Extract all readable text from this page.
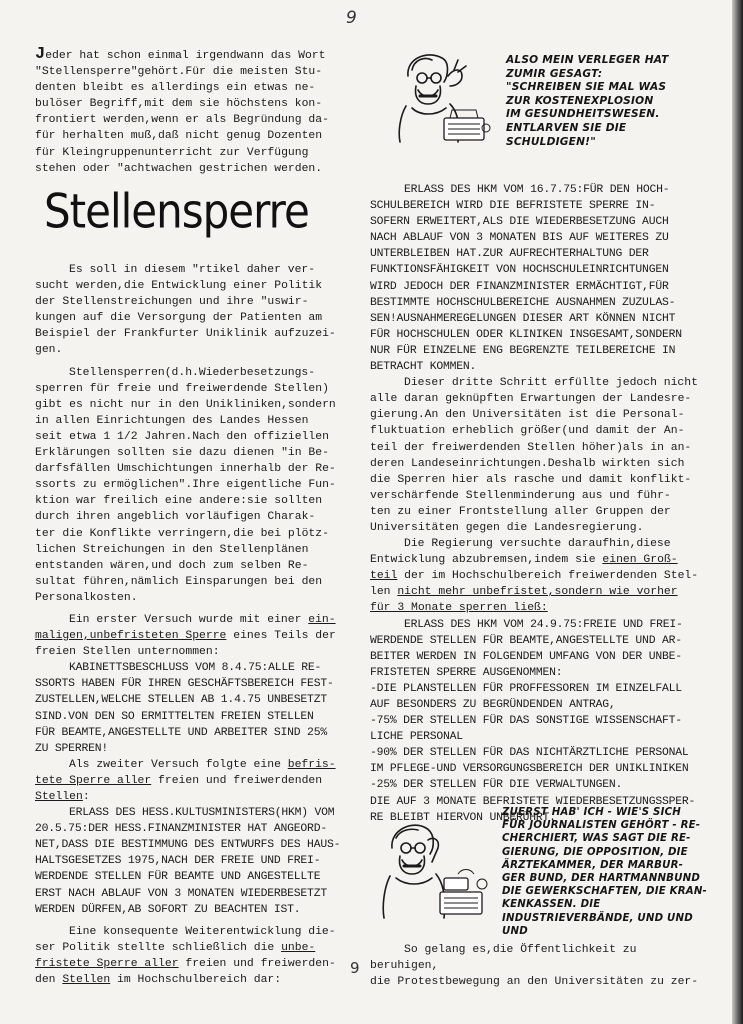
9

Jeder hat schon einmal irgendwann das Wort

"Stellensperre"gehört.Für die meisten Stu-

denten bleibt es allerdings ein etwas ne-

bulöser Begriff,mit dem sie höchstens kon-

frontiert werden,wenn er als Begründung da-

für herhalten muß,daß nicht genug Dozenten

für Kleingruppenunterricht zur Verfügung

stehen oder "achtwachen gestrichen werden.

Stellensperre

Es soll in diesem "rtikel daher ver-

sucht werden,die Entwicklung einer Politik

der Stellenstreichungen und ihre "uswir-

kungen auf die Versorgung der Patienten am

Beispiel der Frankfurter Uniklinik aufzuzei-

gen.

Stellensperren(d.h.Wiederbesetzungs-

sperren für freie und freiwerdende Stellen)

gibt es nicht nur in den Unikliniken,sondern

in allen Einrichtungen des Landes Hessen

seit etwa 1 1/2 Jahren.Nach den offiziellen

Erklärungen sollten sie dazu dienen "in Be-

darfsfällen Umschichtungen innerhalb der Re-

ssorts zu ermöglichen".Ihre eigentliche Fun-

ktion war freilich eine andere:sie sollten

durch ihren angeblich vorläufigen Charak-

ter die Konflikte verringern,die bei plötz-

lichen Streichungen in den Stellenplänen

entstanden wären,und doch zum selben Re-

sultat führen,nämlich Einsparungen bei den

Personalkosten.

Ein erster Versuch wurde mit einer ein-

maligen,unbefristeten Sperre eines Teils der

freien Stellen unternommen:

KABINETTSBESCHLUSS VOM 8.4.75:ALLE RE-

SSORTS HABEN FÜR IHREN GESCHÄFTSBEREICH FEST-

ZUSTELLEN,WELCHE STELLEN AB 1.4.75 UNBESETZT

SIND.VON DEN SO ERMITTELTEN FREIEN STELLEN

FÜR BEAMTE,ANGESTELLTE UND ARBEITER SIND 25%

ZU SPERREN!

Als zweiter Versuch folgte eine befris-

tete Sperre aller freien und freiwerdenden

Stellen:

ERLASS DES HESS.KULTUSMINISTERS(HKM) VOM

20.5.75:DER HESS.FINANZMINISTER HAT ANGEORD-

NET,DASS DIE BESTIMMUNG DES ENTWURFS DES HAUS-

HALTSGESETZES 1975,NACH DER FREIE UND FREI-

WERDENDE STELLEN FÜR BEAMTE UND ANGESTELLTE

ERST NACH ABLAUF VON 3 MONATEN WIEDERBESETZT

WERDEN DÜRFEN,AB SOFORT ZU BEACHTEN IST.

Eine konsequente Weiterentwicklung die-

ser Politik stellte schließlich die unbe-

fristete Sperre aller freien und freiwerden-

den Stellen im Hochschulbereich dar:

ALSO MEIN VERLEGER HAT
ZUMIR GESAGT:
"SCHREIBEN SIE MAL WAS
ZUR KOSTENEXPLOSION
IM GESUNDHEITSWESEN.
ENTLARVEN SIE DIE
SCHULDIGEN!"

ERLASS DES HKM VOM 16.7.75:FÜR DEN HOCH-

SCHULBEREICH WIRD DIE BEFRISTETE SPERRE IN-

SOFERN ERWEITERT,ALS DIE WIEDERBESETZUNG AUCH

NACH ABLAUF VON 3 MONATEN BIS AUF WEITERES ZU

UNTERBLEIBEN HAT.ZUR AUFRECHTERHALTUNG DER

FUNKTIONSFÄHIGKEIT VON HOCHSCHULEINRICHTUNGEN

WIRD JEDOCH DER FINANZMINISTER ERMÄCHTIGT,FÜR

BESTIMMTE HOCHSCHULBEREICHE AUSNAHMEN ZUZULAS-

SEN!AUSNAHMEREGELUNGEN DIESER ART KÖNNEN NICHT

FÜR HOCHSCHULEN ODER KLINIKEN INSGESAMT,SONDERN

NUR FÜR EINZELNE ENG BEGRENZTE TEILBEREICHE IN

BETRACHT KOMMEN.

Dieser dritte Schritt erfüllte jedoch nicht

alle daran geknüpften Erwartungen der Landesre-

gierung.An den Universitäten ist die Personal-

fluktuation erheblich größer(und damit der An-

teil der freiwerdenden Stellen höher)als in an-

deren Landeseinrichtungen.Deshalb wirkten sich

die Sperren hier als rasche und damit konflikt-

verschärfende Stellenminderung aus und führ-

ten zu einer Frontstellung aller Gruppen der

Universitäten gegen die Landesregierung.

Die Regierung versuchte daraufhin,diese

Entwicklung abzubremsen,indem sie einen Groß-

teil der im Hochschulbereich freiwerdenden Stel-

len nicht mehr unbefristet,sondern wie vorher

für 3 Monate sperren ließ:

ERLASS DES HKM VOM 24.9.75:FREIE UND FREI-

WERDENDE STELLEN FÜR BEAMTE,ANGESTELLTE UND AR-

BEITER WERDEN IN FOLGENDEM UMFANG VON DER UNBE-

FRISTETEN SPERRE AUSGENOMMEN:

-DIE PLANSTELLEN FÜR PROFFESSOREN IM EINZELFALL

AUF BESONDERS ZU BEGRÜNDENDEN ANTRAG,

-75% DER STELLEN FÜR DAS SONSTIGE WISSENSCHAFT-

LICHE PERSONAL

-90% DER STELLEN FÜR DAS NICHTÄRZTLICHE PERSONAL

IM PFLEGE-UND VERSORGUNGSBEREICH DER UNIKLINIKEN

-25% DER STELLEN FÜR DIE VERWALTUNGEN.

DIE AUF 3 MONATE BEFRISTETE WIEDERBESETZUNGSSPER-

RE BLEIBT HIERVON UNBERÜHRT.

ZUERST HAB' ICH - WIE'S SICH
FÜR JOURNALISTEN GEHÖRT - RE-
CHERCHIERT, WAS SAGT DIE RE-
GIERUNG, DIE OPPOSITION, DIE
ÄRZTEKAMMER, DER MARBUR-
GER BUND, DER HARTMANNBUND
DIE GEWERKSCHAFTEN, DIE KRAN-
KENKASSEN. DIE INDUSTRIEVERBÄNDE, UND UND UND

So gelang es,die Öffentlichkeit zu beruhigen,

die Protestbewegung an den Universitäten zu zer-

9
